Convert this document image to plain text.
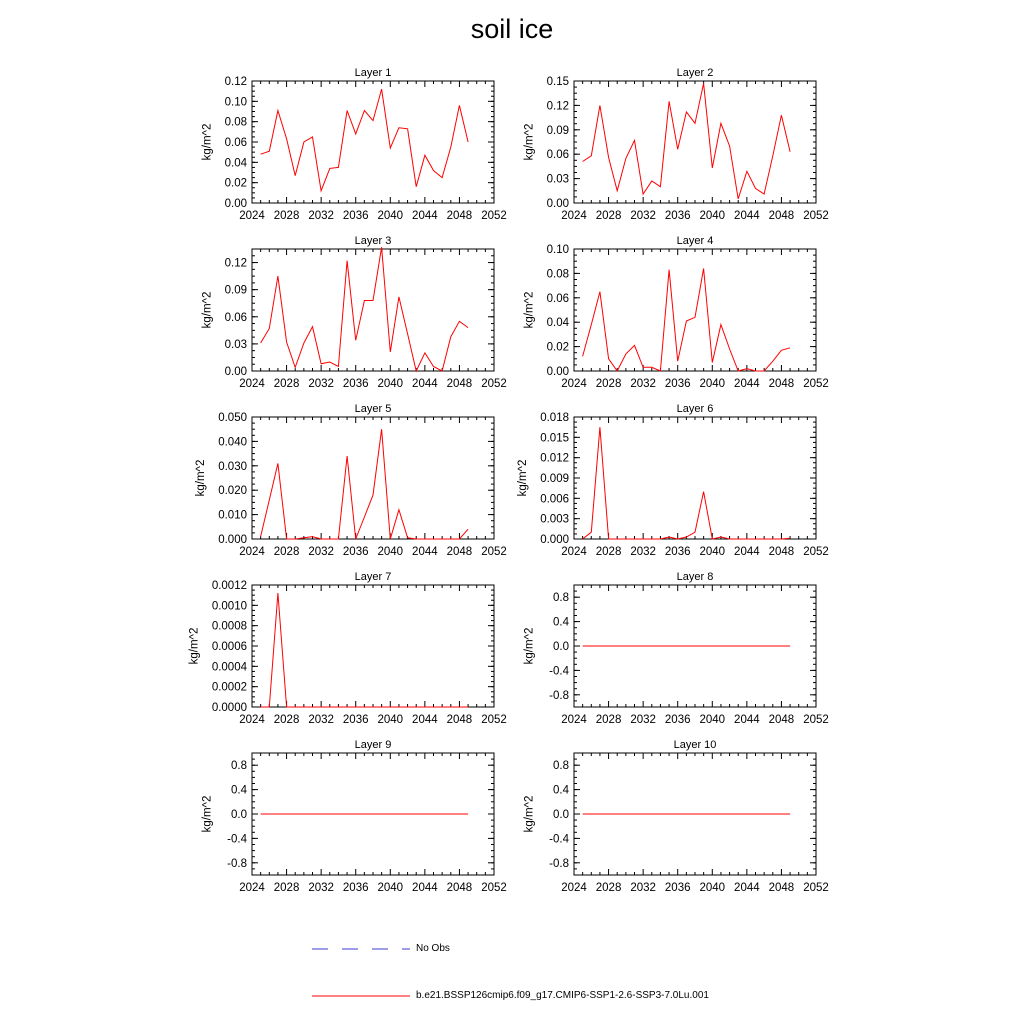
soil ice
Layer 1
2024 2028 2032 2036 2040 2044 2048 2052
0.00
0.02
0.04
0.06
0.08
0.10
0.12
kg/m^2
Layer 2
2024 2028 2032 2036 2040 2044 2048 2052
0.00
0.03
0.06
0.09
0.12
0.15
kg/m^2
Layer 3
2024 2028 2032 2036 2040 2044 2048 2052
0.00
0.03
0.06
0.09
0.12
kg/m^2
Layer 4
2024 2028 2032 2036 2040 2044 2048 2052
0.00
0.02
0.04
0.06
0.08
0.10
kg/m^2
Layer 5
2024 2028 2032 2036 2040 2044 2048 2052
0.000
0.010
0.020
0.030
0.040
0.050
kg/m^2
Layer 6
2024 2028 2032 2036 2040 2044 2048 2052
0.000
0.003
0.006
0.009
0.012
0.015
0.018
kg/m^2
Layer 7
2024 2028 2032 2036 2040 2044 2048 2052
0.0000
0.0002
0.0004
0.0006
0.0008
0.0010
0.0012
kg/m^2
Layer 8
2024 2028 2032 2036 2040 2044 2048 2052
-0.8
-0.4
0.0
0.4
0.8
kg/m^2
Layer 9
2024 2028 2032 2036 2040 2044 2048 2052
-0.8
-0.4
0.0
0.4
0.8
kg/m^2
Layer 10
2024 2028 2032 2036 2040 2044 2048 2052
-0.8
-0.4
0.0
0.4
0.8
kg/m^2
No Obs
b.e21.BSSP126cmip6.f09_g17.CMIP6-SSP1-2.6-SSP3-7.0Lu.001
